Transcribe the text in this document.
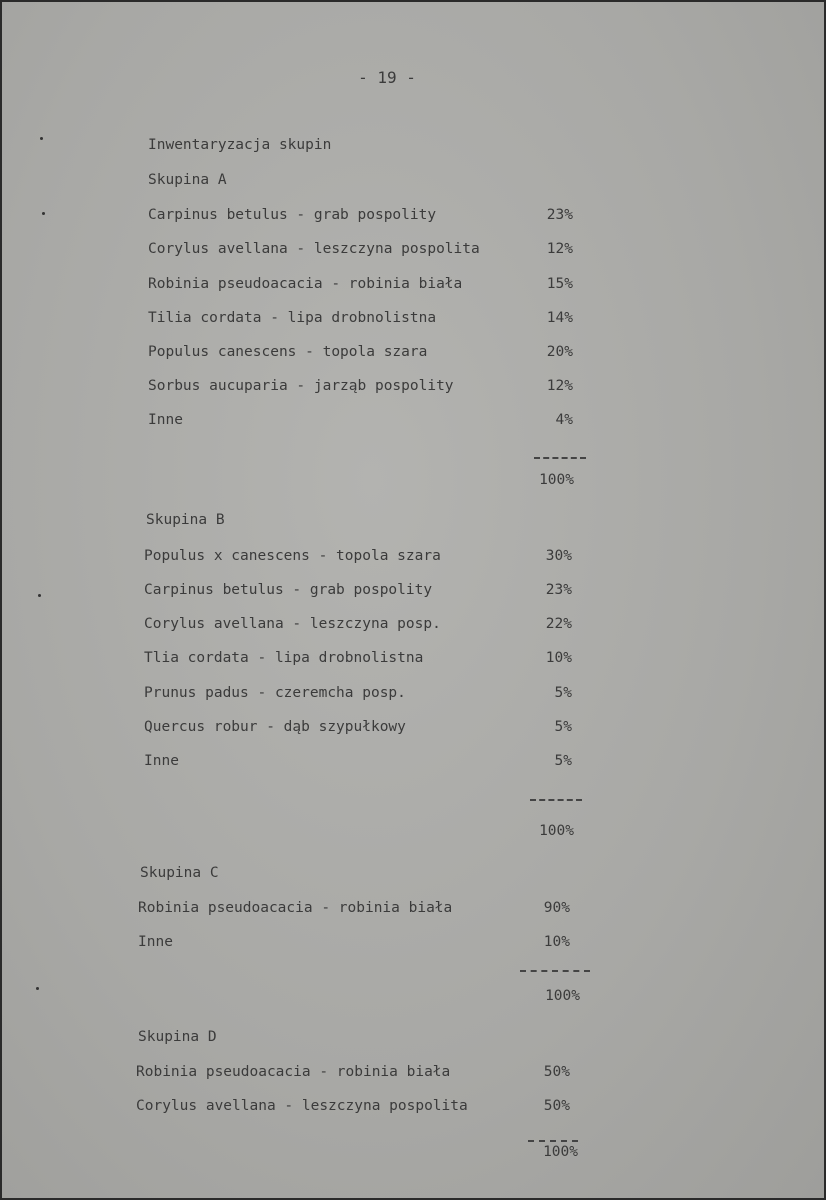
- 19 -
Inwentaryzacja skupin
Skupina A
Carpinus betulus - grab pospolity	23%
Corylus avellana - leszczyna pospolita	12%
Robinia pseudoacacia - robinia biała	15%
Tilia cordata - lipa drobnolistna	14%
Populus canescens - topola szara	20%
Sorbus aucuparia - jarząb pospolity	12%
Inne	4%
100%
Skupina B
Populus x canescens - topola szara	30%
Carpinus betulus - grab pospolity	23%
Corylus avellana - leszczyna posp.	22%
Tlia cordata - lipa drobnolistna	10%
Prunus padus - czeremcha posp.	5%
Quercus robur - dąb szypułkowy	5%
Inne	5%
100%
Skupina C
Robinia pseudoacacia - robinia biała	90%
Inne	10%
100%
Skupina D
Robinia pseudoacacia - robinia biała	50%
Corylus avellana - leszczyna pospolita	50%
100%
